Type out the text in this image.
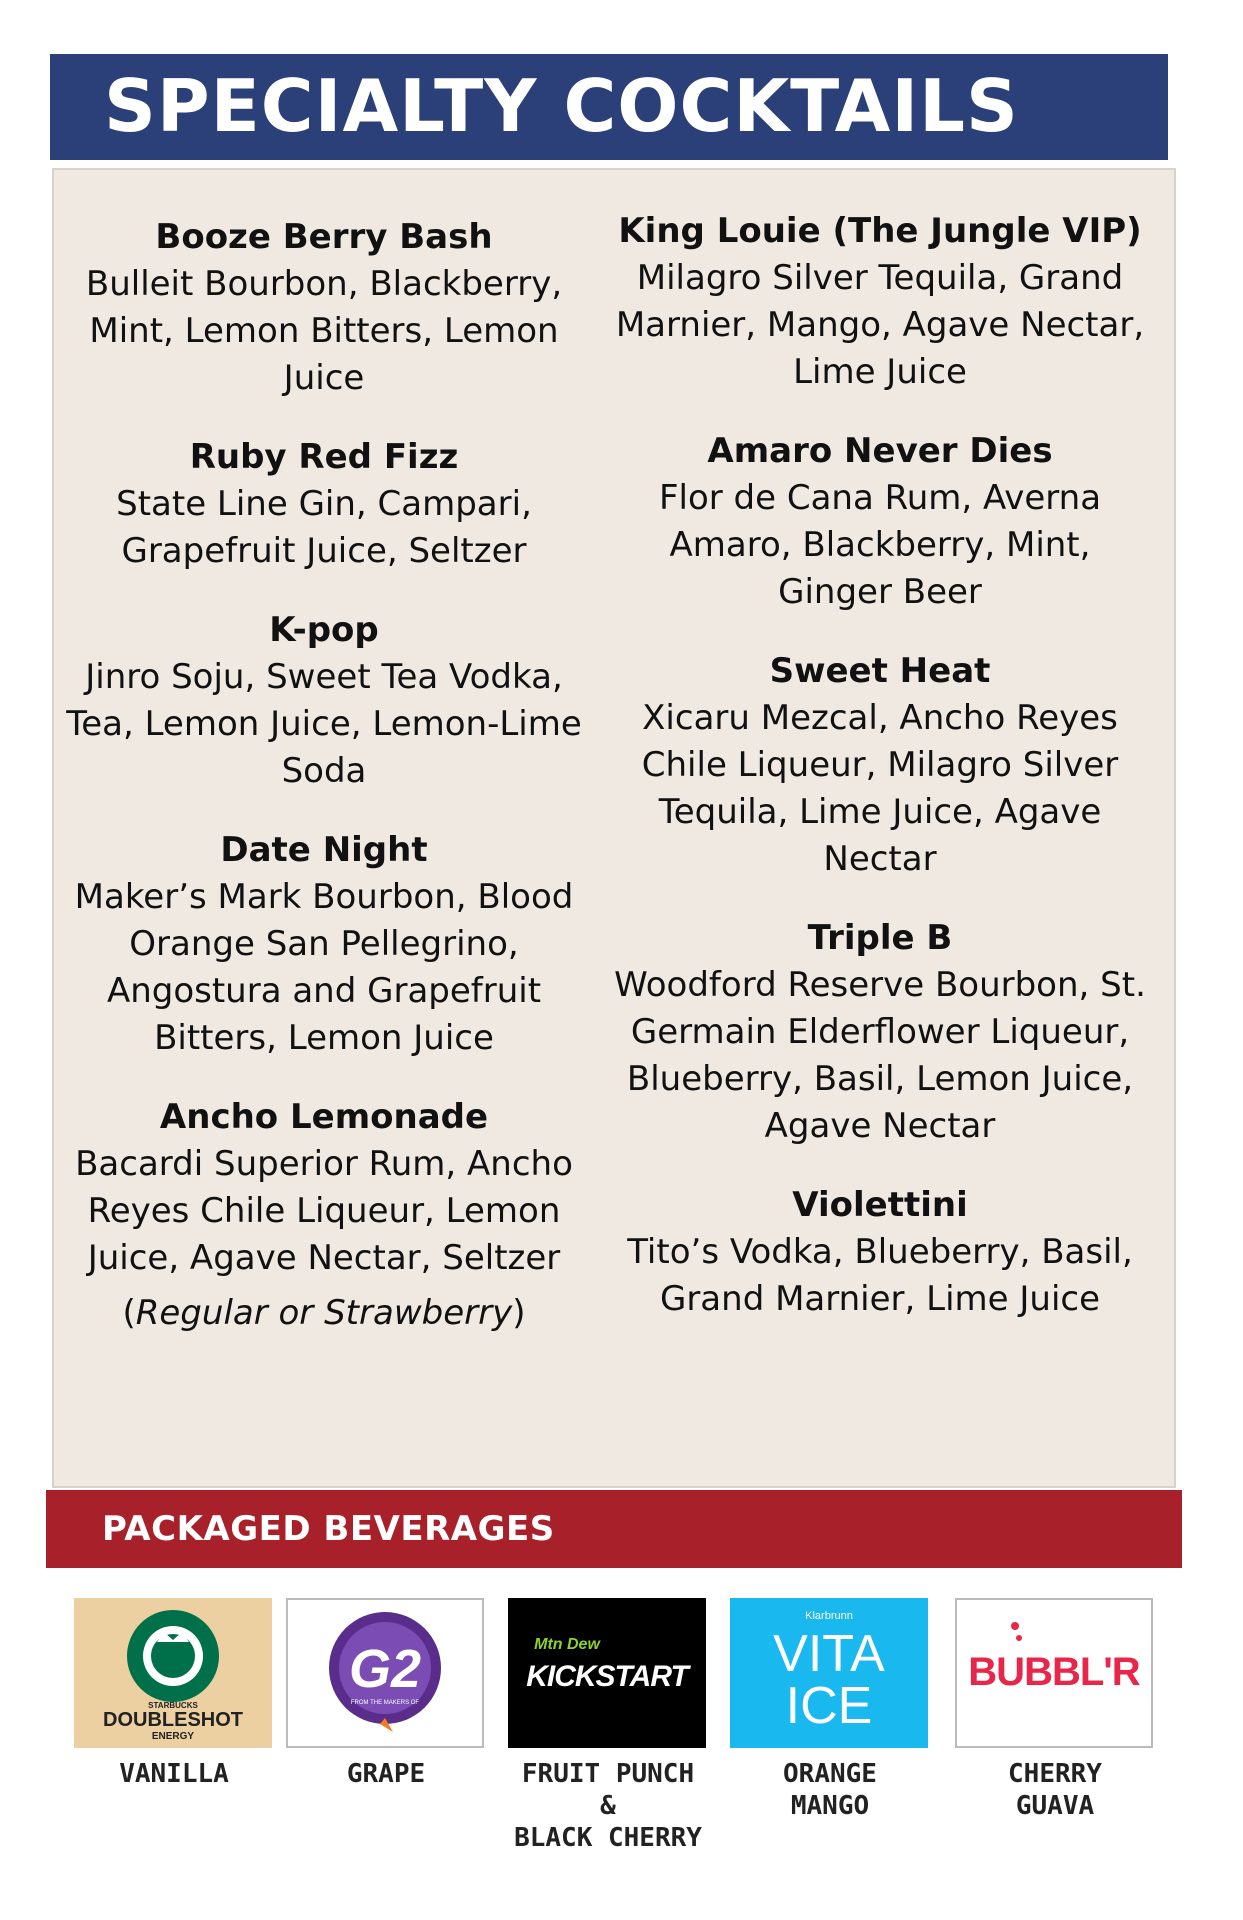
SPECIALTY COCKTAILS
Booze Berry Bash
Bulleit Bourbon, Blackberry, Mint, Lemon Bitters, Lemon Juice
Ruby Red Fizz
State Line Gin, Campari, Grapefruit Juice, Seltzer
K-pop
Jinro Soju, Sweet Tea Vodka, Tea, Lemon Juice, Lemon-Lime Soda
Date Night
Maker’s Mark Bourbon, Blood Orange San Pellegrino, Angostura and Grapefruit Bitters, Lemon Juice
Ancho Lemonade
Bacardi Superior Rum, Ancho Reyes Chile Liqueur, Lemon Juice, Agave Nectar, Seltzer
(Regular or Strawberry)
King Louie (The Jungle VIP)
Milagro Silver Tequila, Grand Marnier, Mango, Agave Nectar, Lime Juice
Amaro Never Dies
Flor de Cana Rum, Averna Amaro, Blackberry, Mint, Ginger Beer
Sweet Heat
Xicaru Mezcal, Ancho Reyes Chile Liqueur, Milagro Silver Tequila, Lime Juice, Agave Nectar
Triple B
Woodford Reserve Bourbon, St. Germain Elderflower Liqueur, Blueberry, Basil, Lemon Juice, Agave Nectar
Violettini
Tito’s Vodka, Blueberry, Basil, Grand Marnier, Lime Juice
PACKAGED BEVERAGES
STARBUCKS
DOUBLESHOT
ENERGY
VANILLA
G2
FROM THE MAKERS OF
GRAPE
Mtn Dew
KICKSTART
FRUIT PUNCH &
BLACK CHERRY
Klarbrunn
VITA
ICE
ORANGE
MANGO
BUBBL'R
CHERRY
GUAVA
